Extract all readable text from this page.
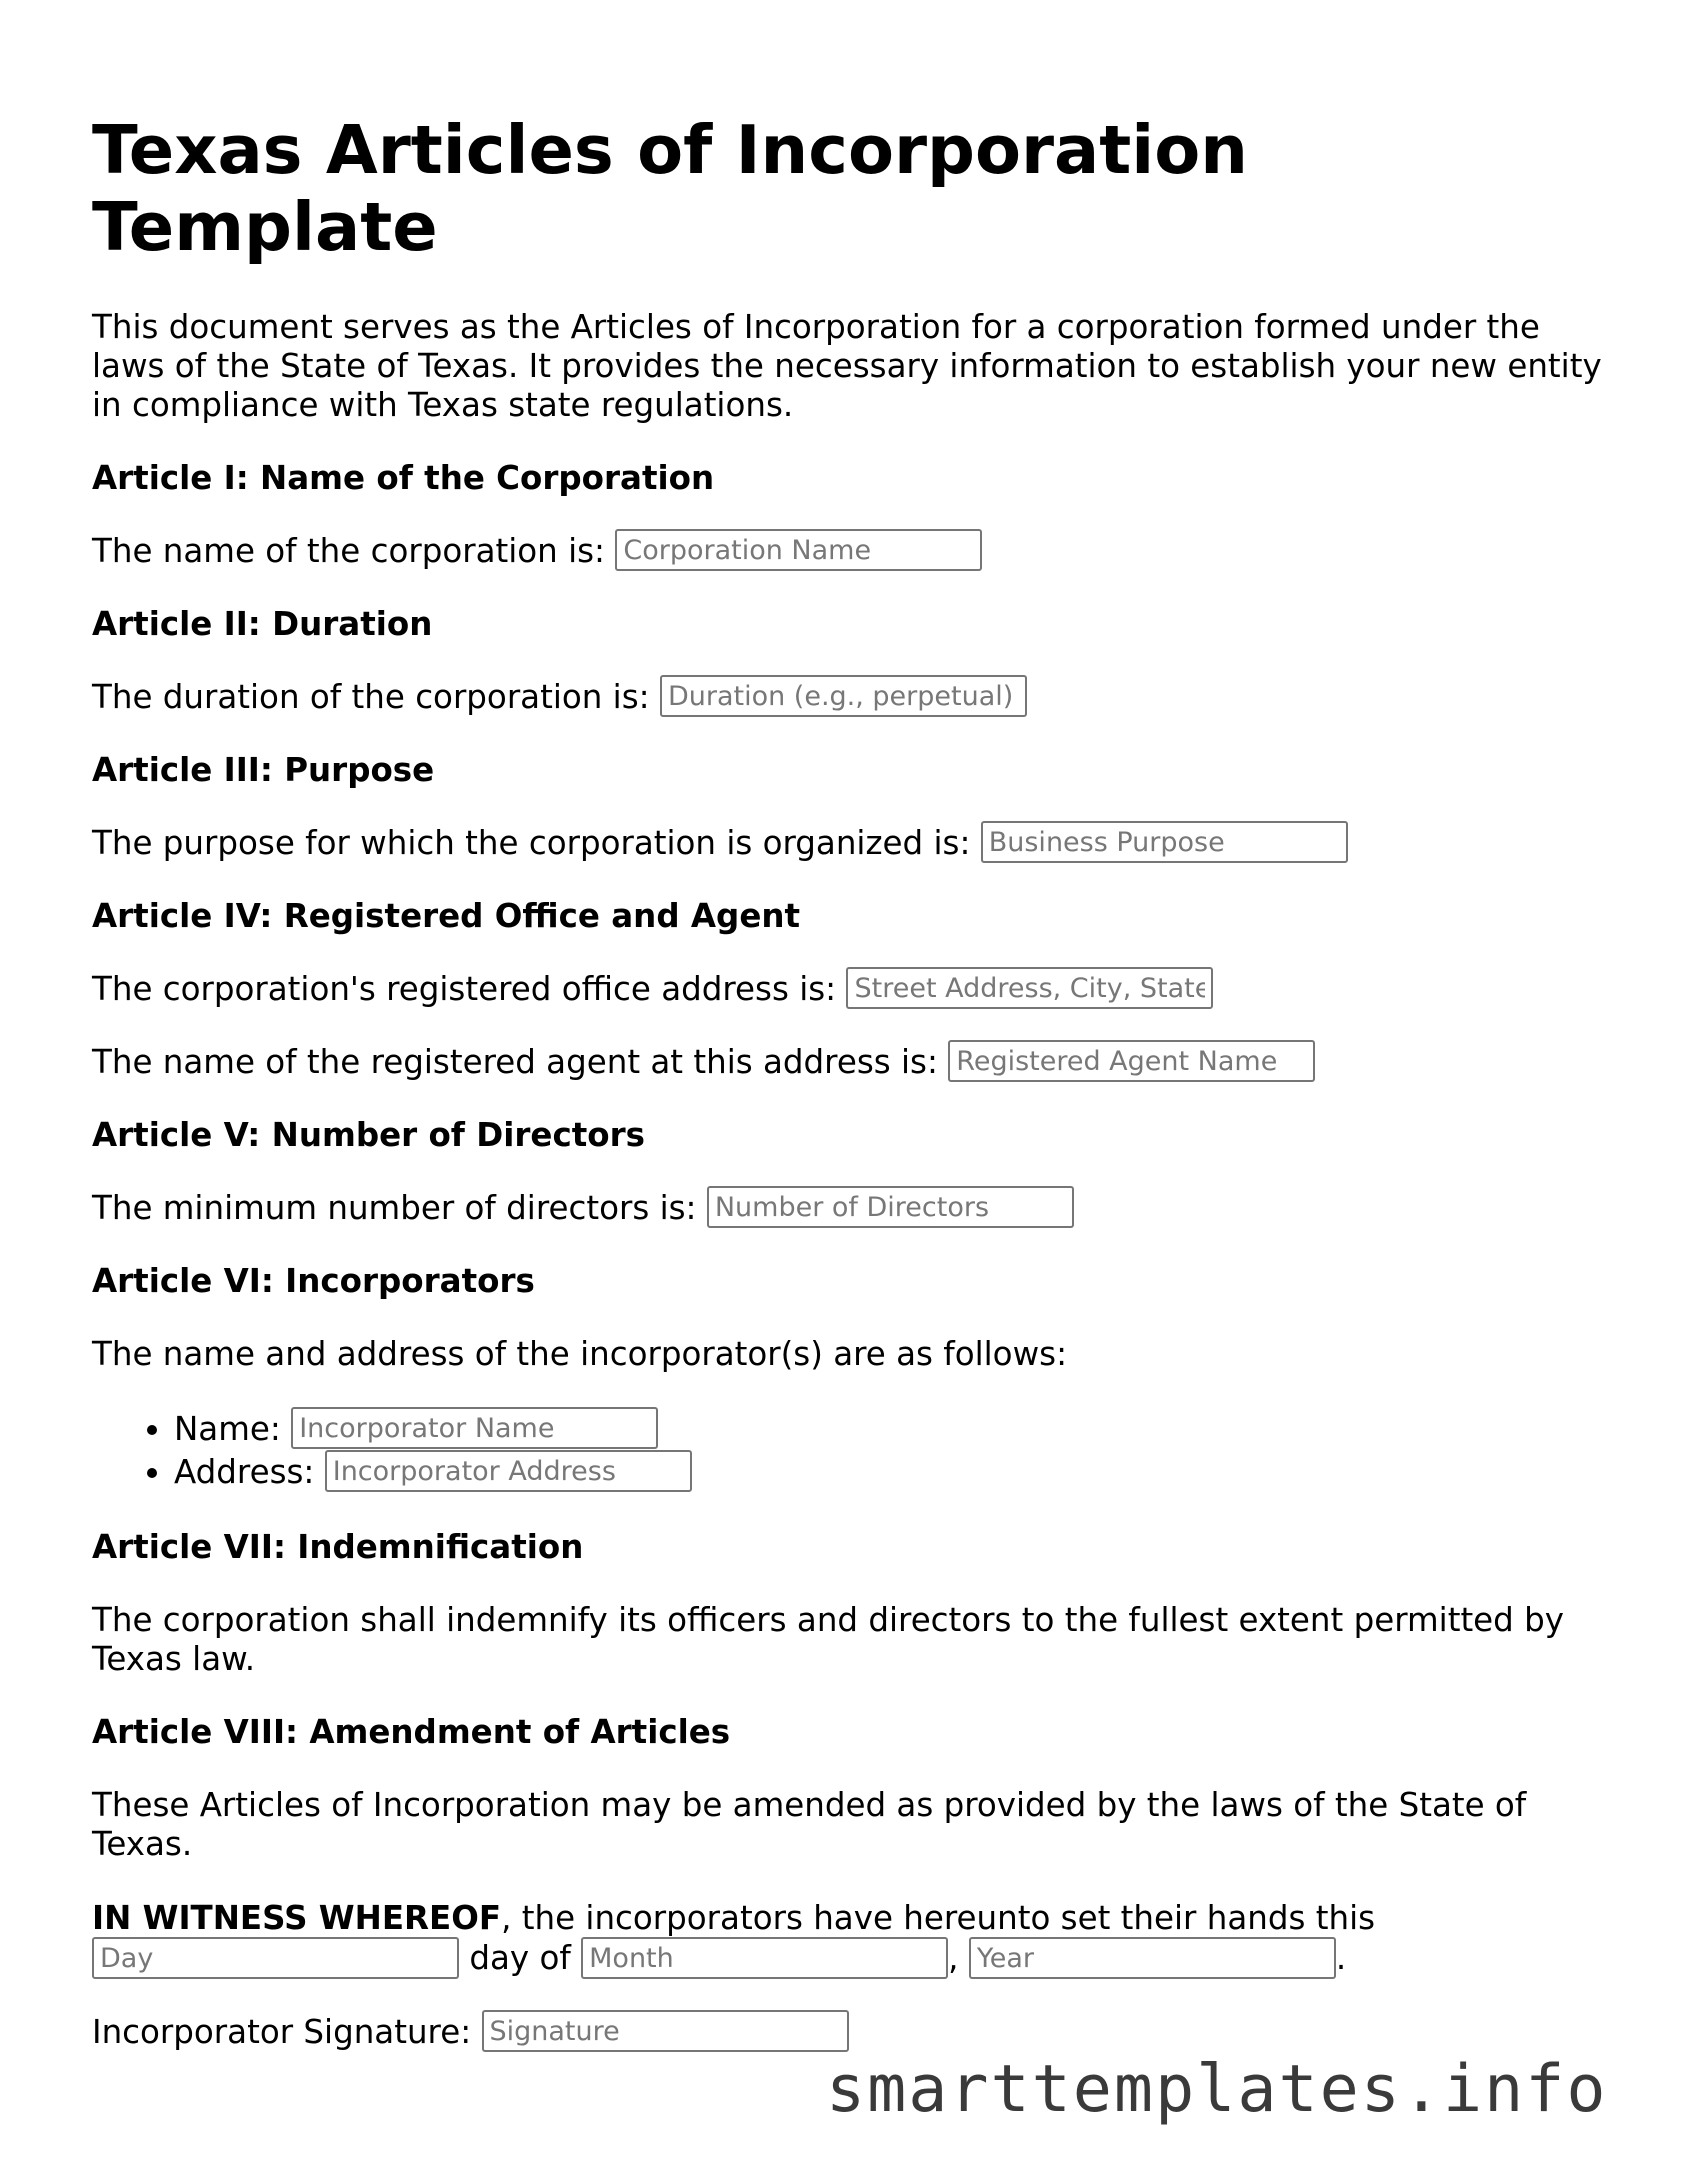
Texas Articles of Incorporation Template

This document serves as the Articles of Incorporation for a corporation formed under the laws of the State of Texas. It provides the necessary information to establish your new entity in compliance with Texas state regulations.

Article I: Name of the Corporation
The name of the corporation is: Corporation Name
Article II: Duration
The duration of the corporation is: Duration (e.g., perpetual)
Article III: Purpose
The purpose for which the corporation is organized is: Business Purpose
Article IV: Registered Office and Agent
The corporation's registered office address is: Street Address, City, State
The name of the registered agent at this address is: Registered Agent Name
Article V: Number of Directors
The minimum number of directors is: Number of Directors
Article VI: Incorporators

The name and address of the incorporator(s) are as follows:

• Name: Incorporator Name
• Address: Incorporator Address
Article VII: Indemnification

The corporation shall indemnify its officers and directors to the fullest extent permitted by Texas law.

Article VIII: Amendment of Articles

These Articles of Incorporation may be amended as provided by the laws of the State of Texas.

IN WITNESS WHEREOF, the incorporators have hereunto set their hands this
Day day of Month	, Year	.
Incorporator Signature: Signature
smarttemplates.info
